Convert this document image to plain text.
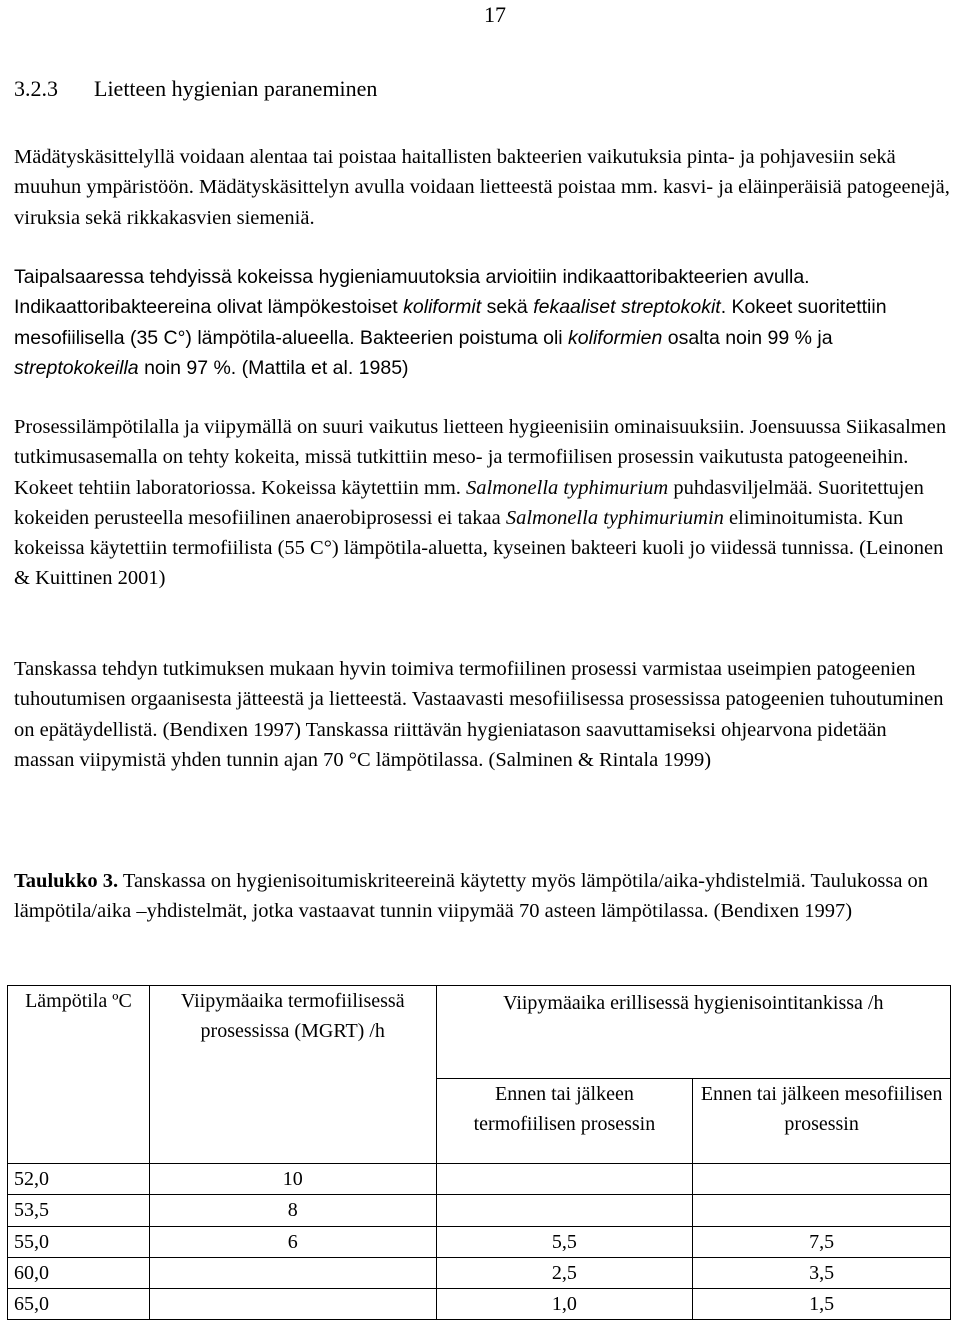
17
3.2.3 Lietteen hygienian paraneminen

Mädätyskäsittelyllä voidaan alentaa tai poistaa haitallisten bakteerien vaikutuksia pinta- ja pohjavesiin sekä muuhun ympäristöön. Mädätyskäsittelyn avulla voidaan lietteestä poistaa mm. kasvi- ja eläinperäisiä patogeenejä, viruksia sekä rikkakasvien siemeniä.

Taipalsaaressa tehdyissä kokeissa hygieniamuutoksia arvioitiin indikaattoribakteerien avulla. Indikaattoribakteereina olivat lämpökestoiset koliformit sekä fekaaliset streptokokit. Kokeet suoritettiin mesofiilisella (35 C°) lämpötila-alueella. Bakteerien poistuma oli koliformien osalta noin 99 % ja streptokokeilla noin 97 %. (Mattila et al. 1985)

Prosessilämpötilalla ja viipymällä on suuri vaikutus lietteen hygieenisiin ominaisuuksiin. Joensuussa Siikasalmen tutkimusasemalla on tehty kokeita, missä tutkittiin meso- ja termofiilisen prosessin vaikutusta patogeeneihin. Kokeet tehtiin laboratoriossa. Kokeissa käytettiin mm. Salmonella typhimurium puhdasviljelmää. Suoritettujen kokeiden perusteella mesofiilinen anaerobiprosessi ei takaa Salmonella typhimuriumin eliminoitumista. Kun kokeissa käytettiin termofiilista (55 C°) lämpötila-aluetta, kyseinen bakteeri kuoli jo viidessä tunnissa. (Leinonen & Kuittinen 2001)

Tanskassa tehdyn tutkimuksen mukaan hyvin toimiva termofiilinen prosessi varmistaa useimpien patogeenien tuhoutumisen orgaanisesta jätteestä ja lietteestä. Vastaavasti mesofiilisessa prosessissa patogeenien tuhoutuminen on epätäydellistä. (Bendixen 1997) Tanskassa riittävän hygieniatason saavuttamiseksi ohjearvona pidetään massan viipymistä yhden tunnin ajan 70 °C lämpötilassa. (Salminen & Rintala 1999)

Taulukko 3. Tanskassa on hygienisoitumiskriteereinä käytetty myös lämpötila/aika-yhdistelmiä. Taulukossa on lämpötila/aika –yhdistelmät, jotka vastaavat tunnin viipymää 70 asteen lämpötilassa. (Bendixen 1997)
Lämpötila ºC	Viipymäaika termofiilisessä prosessissa (MGRT) /h	Viipymäaika erillisessä hygienisointitankissa /h	
		Ennen tai jälkeen termofiilisen prosessin	Ennen tai jälkeen mesofiilisen prosessin
52,0	10		
53,5	8		
55,0	6	5,5	7,5
60,0		2,5	3,5
65,0		1,0	1,5
